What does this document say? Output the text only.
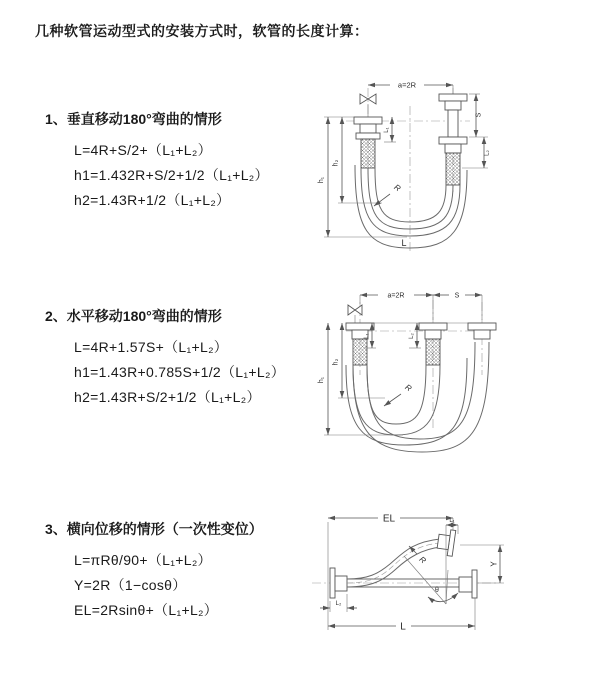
几种软管运动型式的安装方式时，软管的长度计算：
1、垂直移动180°弯曲的情形
L=4R+S/2+（L₁+L₂）
h1=1.432R+S/2+1/2（L₁+L₂）
h2=1.43R+1/2（L₁+L₂）
a=2R
h₁
h₂
L₁
S
L₂
R
L
2、水平移动180°弯曲的情形
L=4R+1.57S+（L₁+L₂）
h1=1.43R+0.785S+1/2（L₁+L₂）
h2=1.43R+S/2+1/2（L₁+L₂）
a=2R	S
L₁	L₂
h₁
h₂
R
3、横向位移的情形（一次性变位）
L=πRθ/90+（L₁+L₂）
Y=2R（1−cosθ）
EL=2Rsinθ+（L₁+L₂）
EL	L₁
Y
θ
R
L
L₂
